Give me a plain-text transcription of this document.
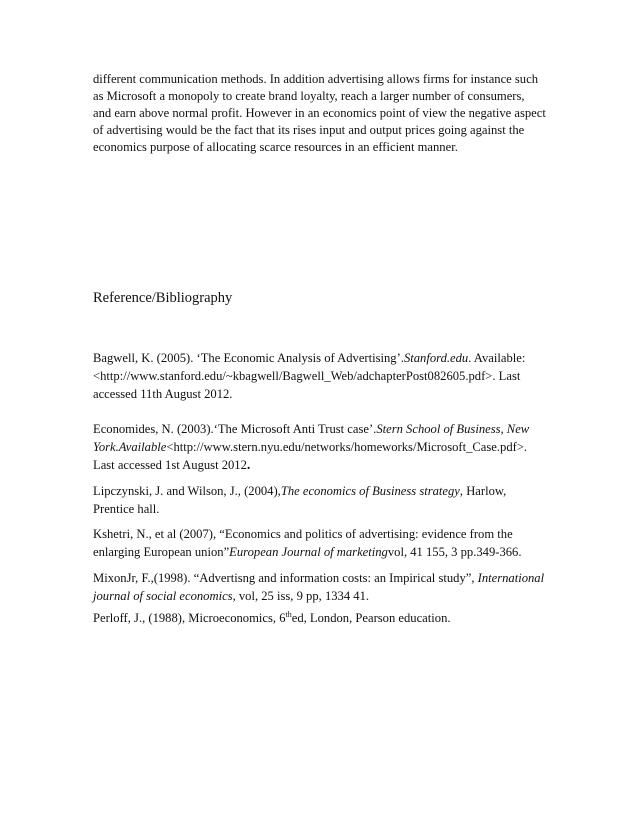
different communication methods. In addition advertising allows firms for instance such
as Microsoft a monopoly to create brand loyalty, reach a larger number of consumers,
and earn above normal profit. However in an economics point of view the negative aspect
of advertising would be the fact that its rises input and output prices going against the
economics purpose of allocating scarce resources in an efficient manner.
Reference/Bibliography
Bagwell, K. (2005). ‘The Economic Analysis of Advertising’.Stanford.edu. Available:
<http://www.stanford.edu/~kbagwell/Bagwell_Web/adchapterPost082605.pdf>. Last
accessed 11th August 2012.
Economides, N. (2003).‘The Microsoft Anti Trust case’.Stern School of Business, New
York.Available<http://www.stern.nyu.edu/networks/homeworks/Microsoft_Case.pdf>.
Last accessed 1st August 2012.
Lipczynski, J. and Wilson, J., (2004),The economics of Business strategy, Harlow,
Prentice hall.
Kshetri, N., et al (2007), “Economics and politics of advertising: evidence from the
enlarging European union”European Journal of marketingvol, 41 155, 3 pp.349-366.
MixonJr, F.,(1998). “Advertisng and information costs: an Impirical study”, International
journal of social economics, vol, 25 iss, 9 pp, 1334 41.
Perloff, J., (1988), Microeconomics, 6thed, London, Pearson education.
